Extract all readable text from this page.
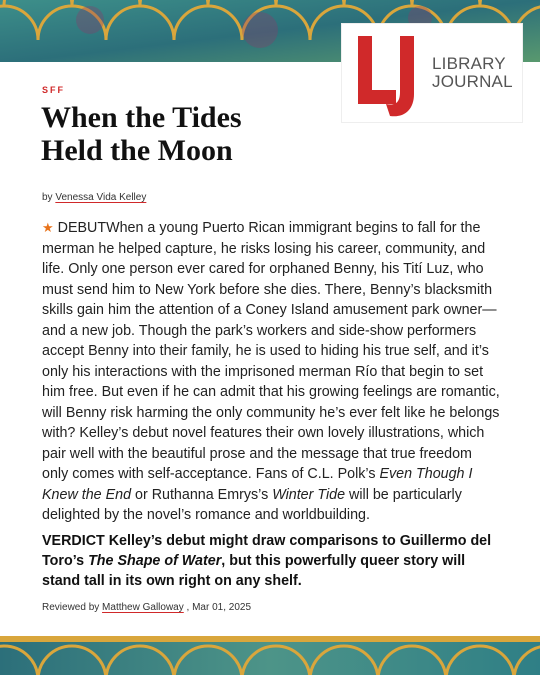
LIBRARY
JOURNAL
SFF
When the Tides
Held the Moon
by Venessa Vida Kelley
★ DEBUTWhen a young Puerto Rican immigrant begins to fall for the merman he helped capture, he risks losing his career, community, and life. Only one person ever cared for orphaned Benny, his Tití Luz, who must send him to New York before she dies. There, Benny’s blacksmith skills gain him the attention of a Coney Island amusement park owner—and a new job. Though the park’s workers and side-show performers accept Benny into their family, he is used to hiding his true self, and it’s only his interactions with the imprisoned merman Río that begin to set him free. But even if he can admit that his growing feelings are romantic, will Benny risk harming the only community he’s ever felt like he belongs with? Kelley’s debut novel features their own lovely illustrations, which pair well with the beautiful prose and the message that true freedom only comes with self-acceptance. Fans of C.L. Polk’s Even Though I Knew the End or Ruthanna Emrys’s Winter Tide will be particularly delighted by the novel’s romance and worldbuilding.
VERDICT Kelley’s debut might draw comparisons to Guillermo del Toro’s The Shape of Water, but this powerfully queer story will stand tall in its own right on any shelf.
Reviewed by Matthew Galloway , Mar 01, 2025
